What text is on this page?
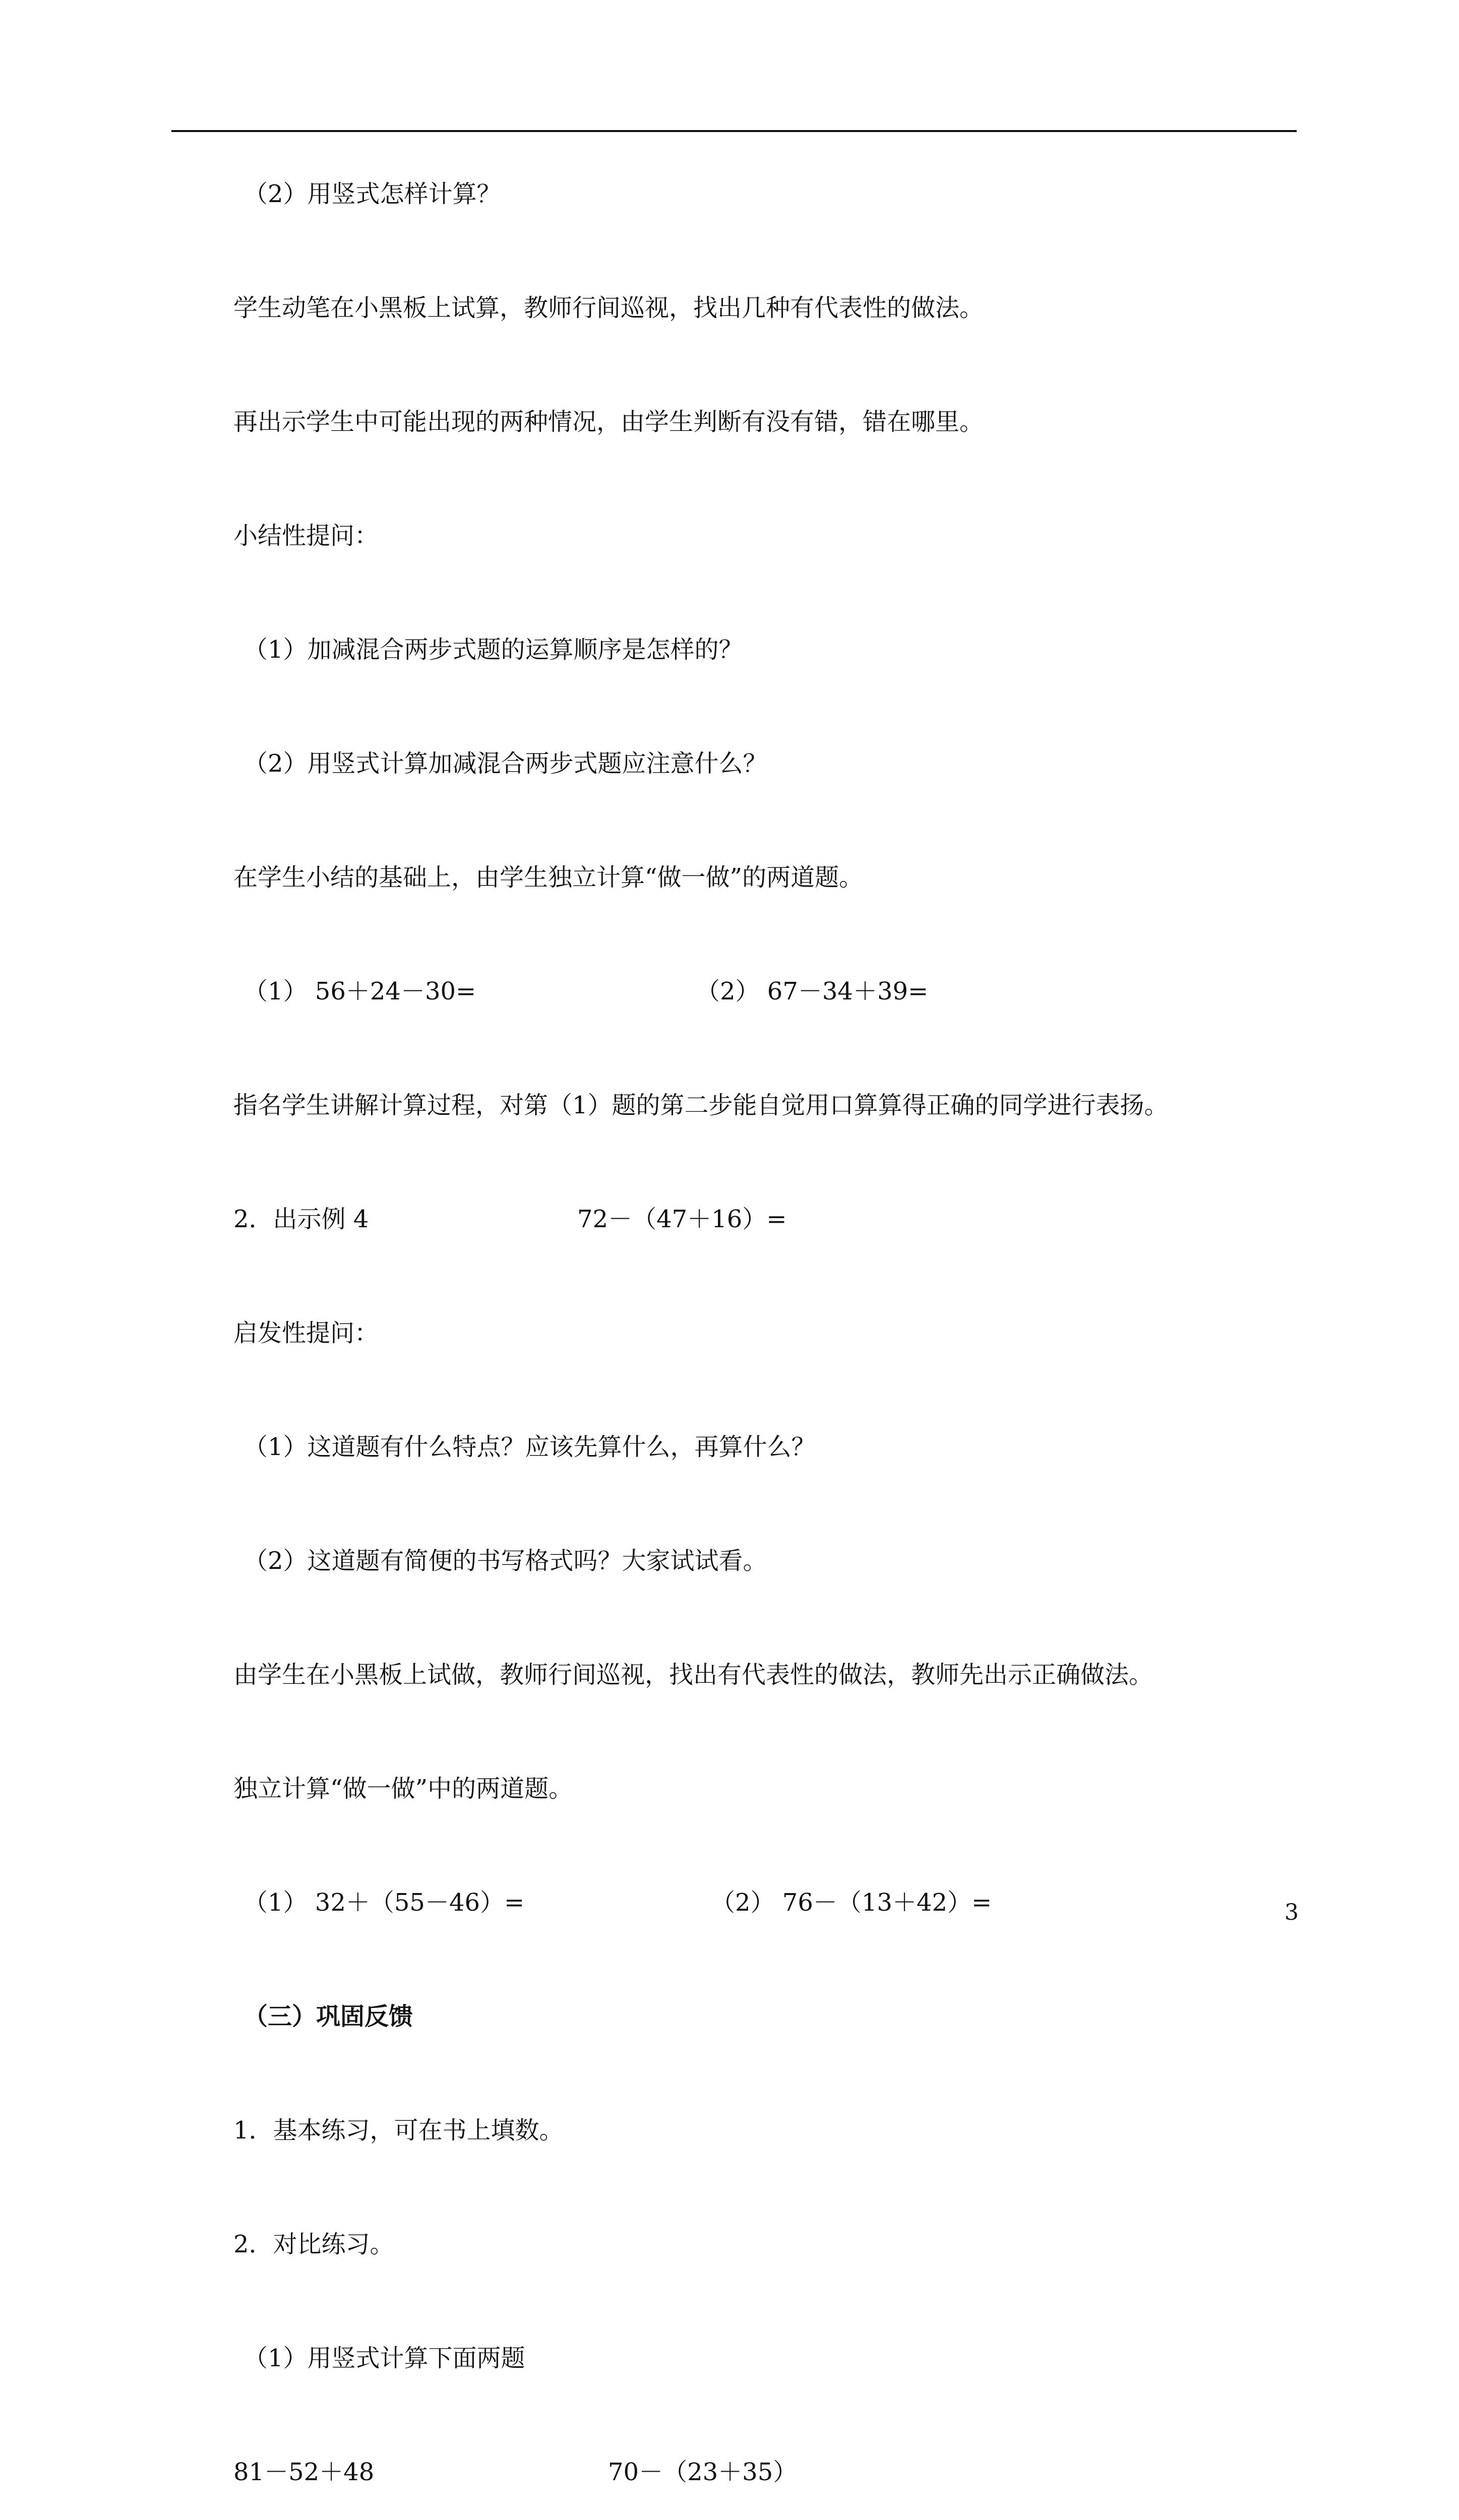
（2）用竖式怎样计算？
学生动笔在小黑板上试算，教师行间巡视，找出几种有代表性的做法。
再出示学生中可能出现的两种情况，由学生判断有没有错，错在哪里。
小结性提问：
（1）加减混合两步式题的运算顺序是怎样的？
（2）用竖式计算加减混合两步式题应注意什么？
在学生小结的基础上，由学生独立计算“做一做”的两道题。
（1） 56＋24－30=	（2） 67－34＋39=
指名学生讲解计算过程，对第（1）题的第二步能自觉用口算算得正确的同学进行表扬。
2．出示例 4	72－（47＋16）=
启发性提问：
（1）这道题有什么特点？应该先算什么，再算什么？
（2）这道题有简便的书写格式吗？大家试试看。
由学生在小黑板上试做，教师行间巡视，找出有代表性的做法，教师先出示正确做法。
独立计算“做一做”中的两道题。
（1） 32＋（55－46）=	（2） 76－（13＋42）=
（三）巩固反馈
1．基本练习，可在书上填数。
2．对比练习。
（1）用竖式计算下面两题
81－52＋48	70－（23＋35）
3
